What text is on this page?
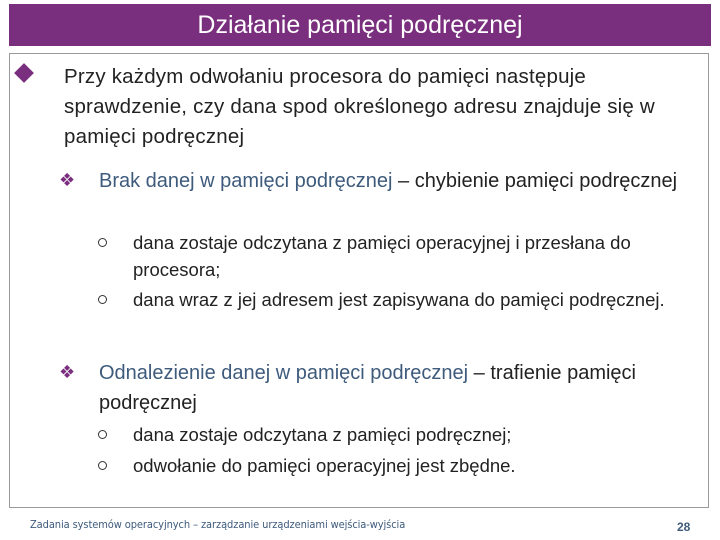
Działanie pamięci podręcznej
Przy każdym odwołaniu procesora do pamięci następuje sprawdzenie, czy dana spod określonego adresu znajduje się w pamięci podręcznej
❖ Brak danej w pamięci podręcznej – chybienie pamięci podręcznej
dana zostaje odczytana z pamięci operacyjnej i przesłana do procesora;
dana wraz z jej adresem jest zapisywana do pamięci podręcznej.
❖ Odnalezienie danej w pamięci podręcznej – trafienie pamięci podręcznej
dana zostaje odczytana z pamięci podręcznej;
odwołanie do pamięci operacyjnej jest zbędne.
Zadania systemów operacyjnych – zarządzanie urządzeniami wejścia-wyjścia	28
